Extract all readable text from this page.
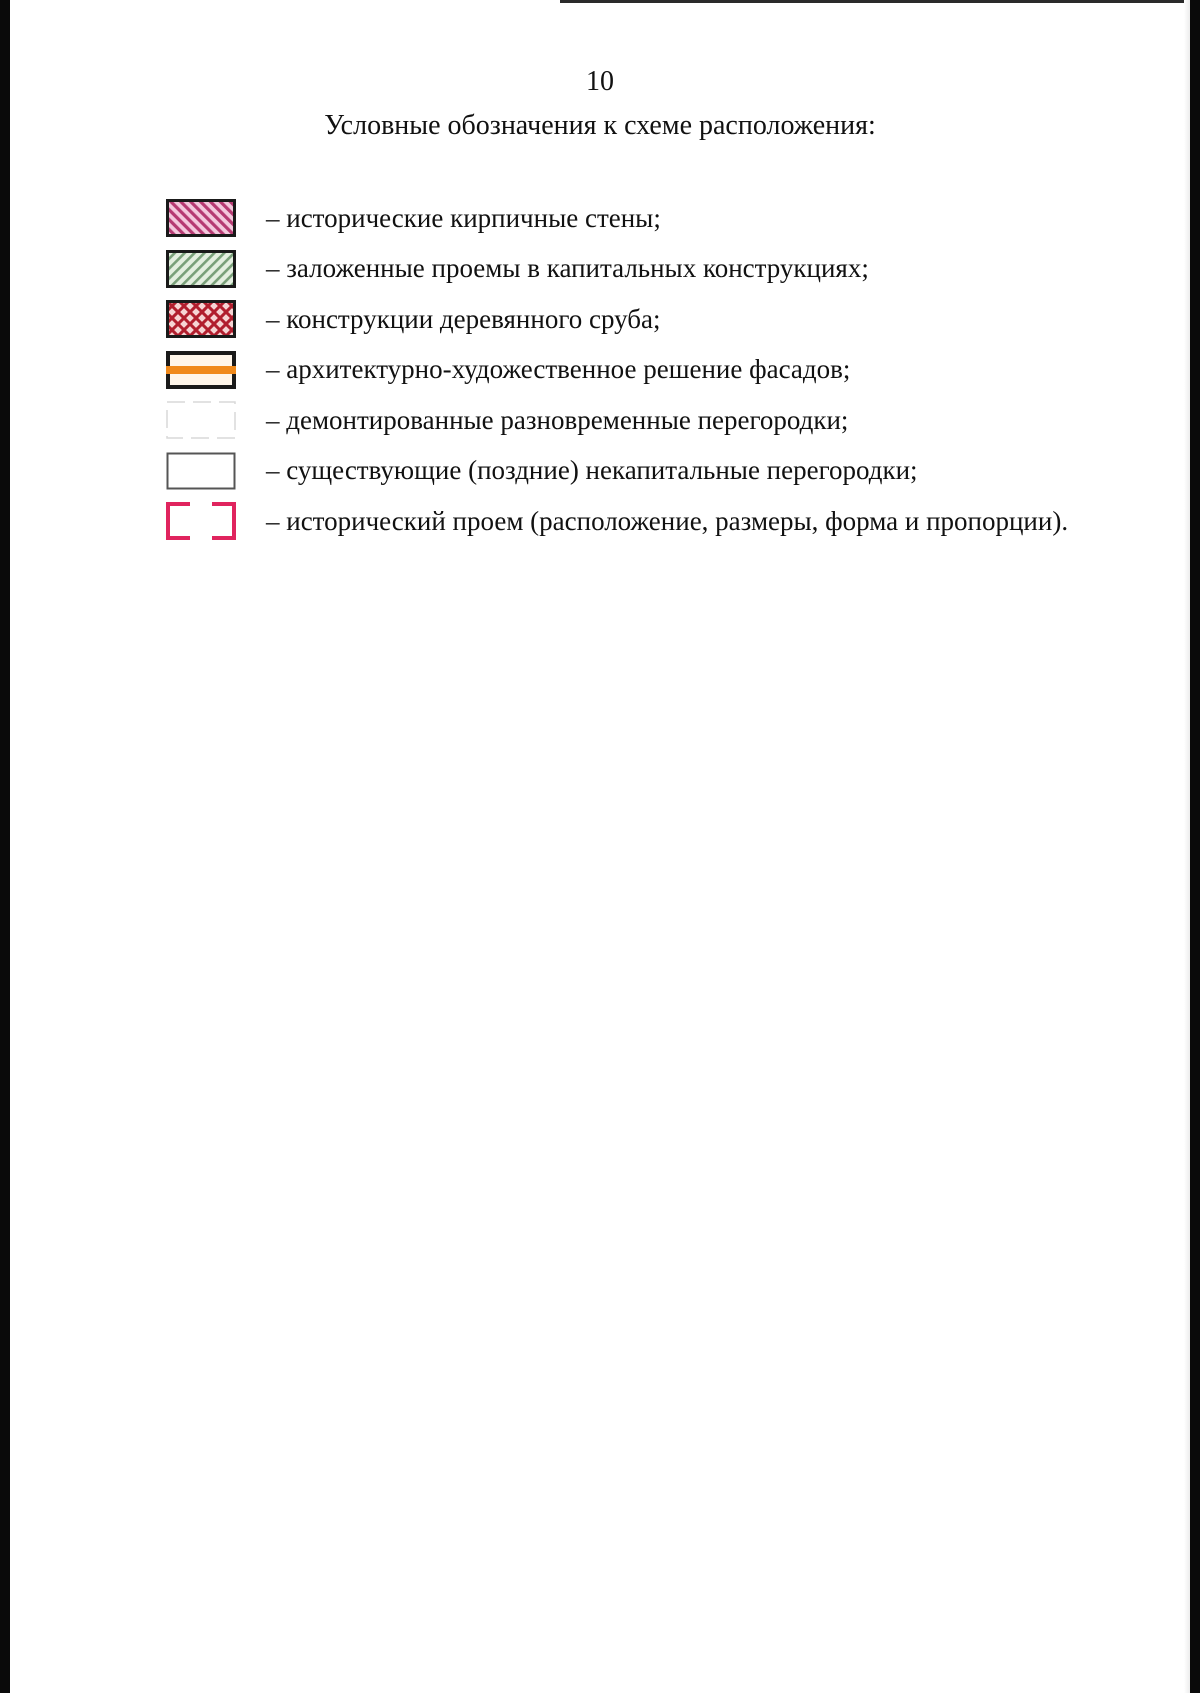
10
Условные обозначения к схеме расположения:
– исторические кирпичные стены;
– заложенные проемы в капитальных конструкциях;
– конструкции деревянного сруба;
– архитектурно-художественное решение фасадов;
– демонтированные разновременные перегородки;
– существующие (поздние) некапитальные перегородки;
– исторический проем (расположение, размеры, форма и пропорции).
